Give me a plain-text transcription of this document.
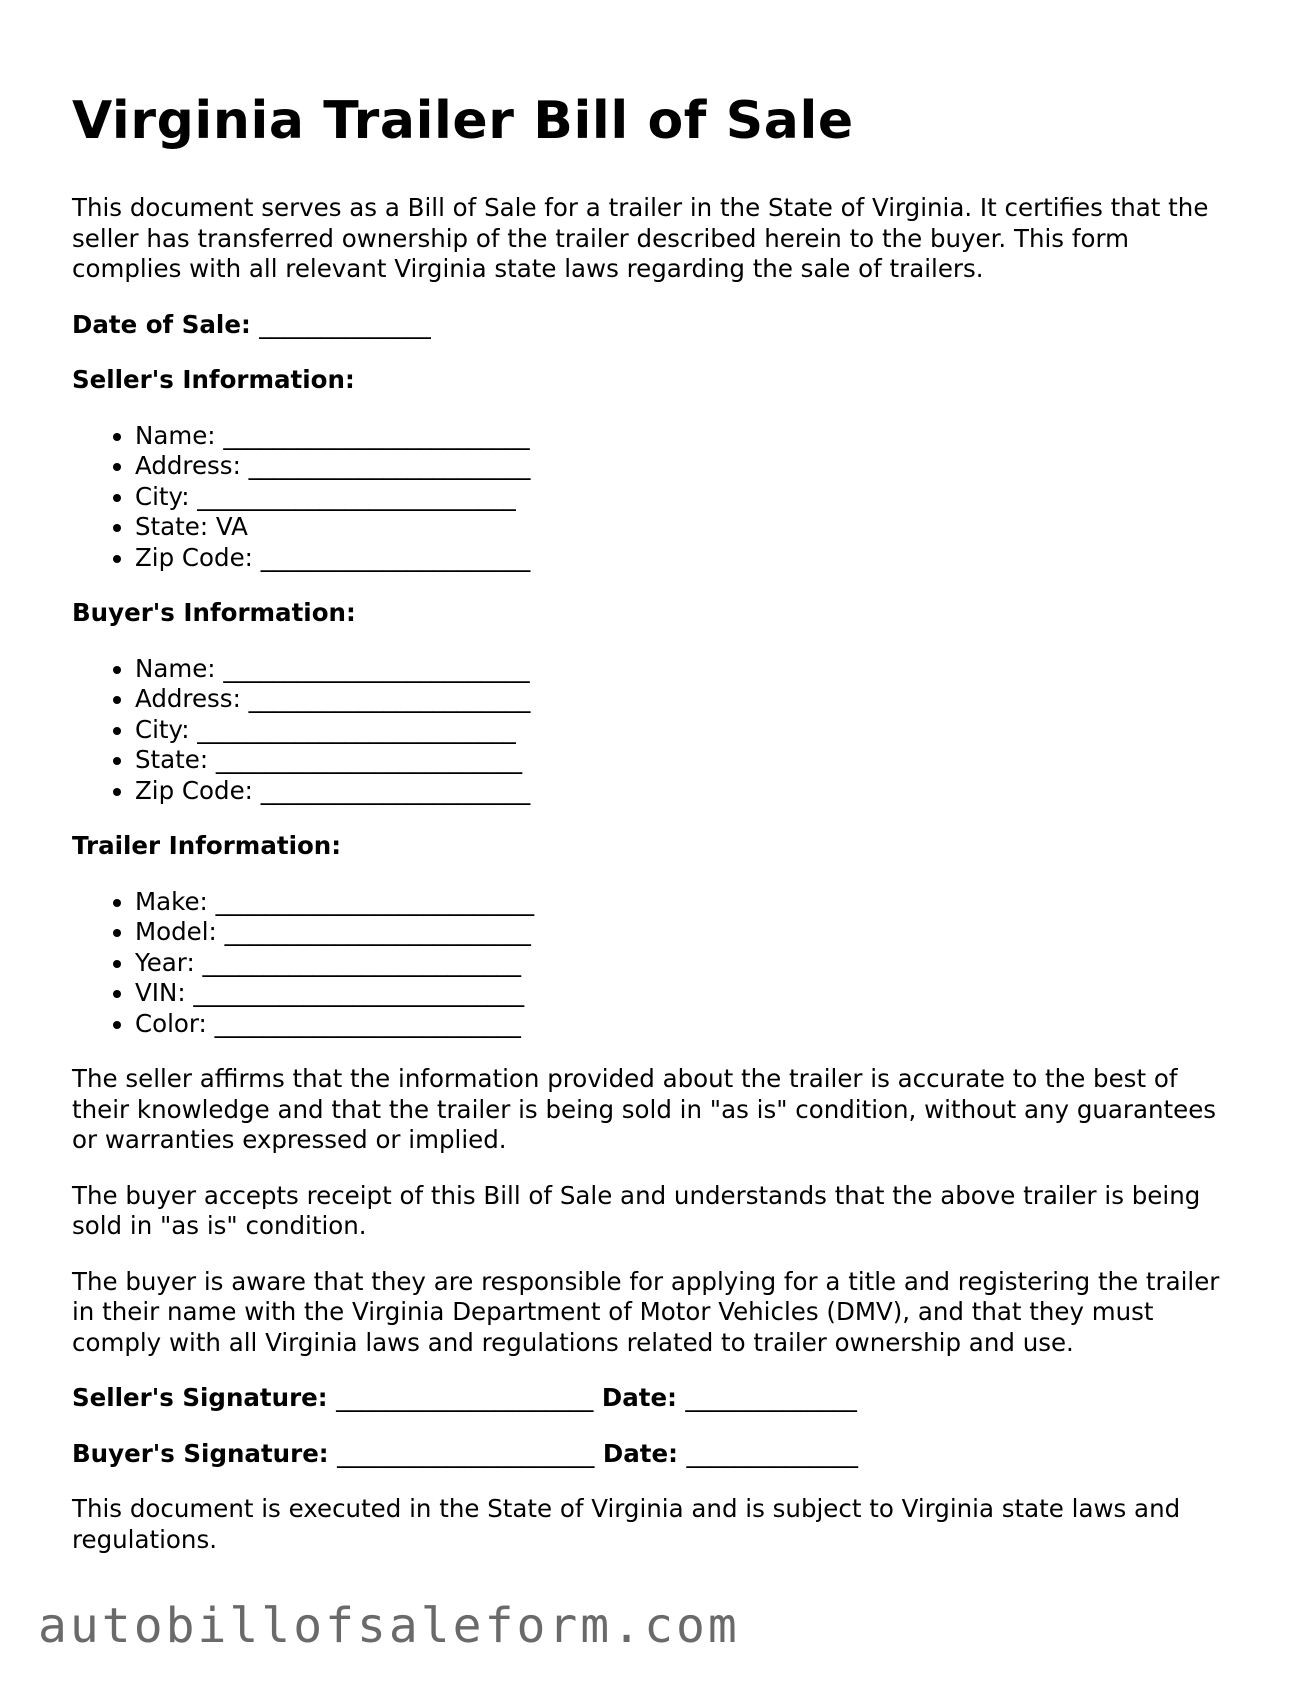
Virginia Trailer Bill of Sale

This document serves as a Bill of Sale for a trailer in the State of Virginia. It certifies that the seller has transferred ownership of the trailer described herein to the buyer. This form complies with all relevant Virginia state laws regarding the sale of trailers.

Date of Sale: ______________
Seller's Information:
• Name: _________________________
• Address: _______________________
• City: __________________________
• State: VA
• Zip Code: ______________________
Buyer's Information:
• Name: _________________________
• Address: _______________________
• City: __________________________
• State: _________________________
• Zip Code: ______________________
Trailer Information:
• Make: __________________________
• Model: _________________________
• Year: __________________________
• VIN: ___________________________
• Color: _________________________

The seller affirms that the information provided about the trailer is accurate to the best of their knowledge and that the trailer is being sold in "as is" condition, without any guarantees or warranties expressed or implied.

The buyer accepts receipt of this Bill of Sale and understands that the above trailer is being sold in "as is" condition.

The buyer is aware that they are responsible for applying for a title and registering the trailer in their name with the Virginia Department of Motor Vehicles (DMV), and that they must comply with all Virginia laws and regulations related to trailer ownership and use.

Seller's Signature: _____________________ Date: ______________
Buyer's Signature: _____________________ Date: ______________

This document is executed in the State of Virginia and is subject to Virginia state laws and regulations.

autobillofsaleform.com
